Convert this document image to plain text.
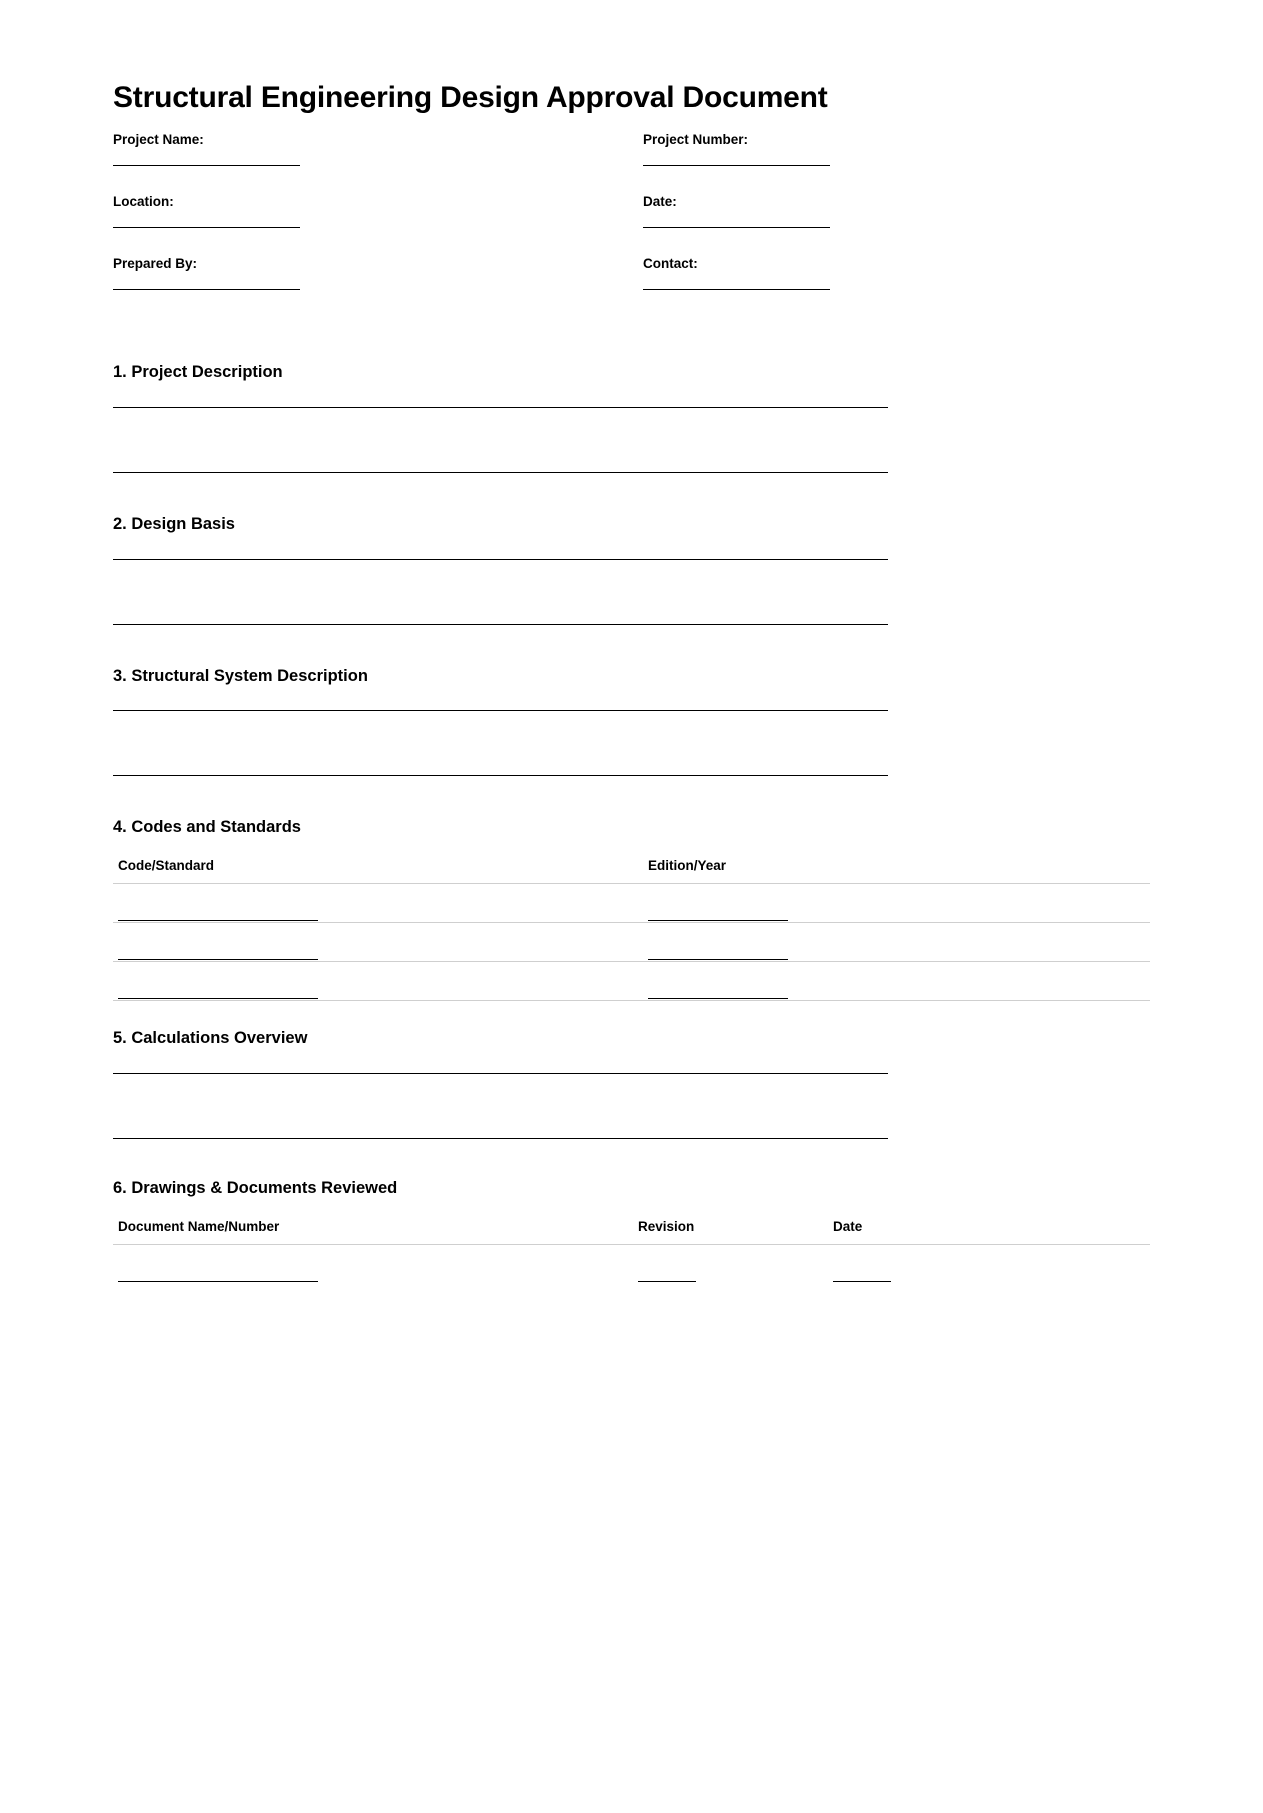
Structural Engineering Design Approval Document
Project Name:	Project Number:
Location:	Date:
Prepared By:	Contact:
1. Project Description
2. Design Basis
3. Structural System Description
4. Codes and Standards
Code/Standard	Edition/Year

5. Calculations Overview
6. Drawings & Documents Reviewed
Document Name/Number	Revision	Date
